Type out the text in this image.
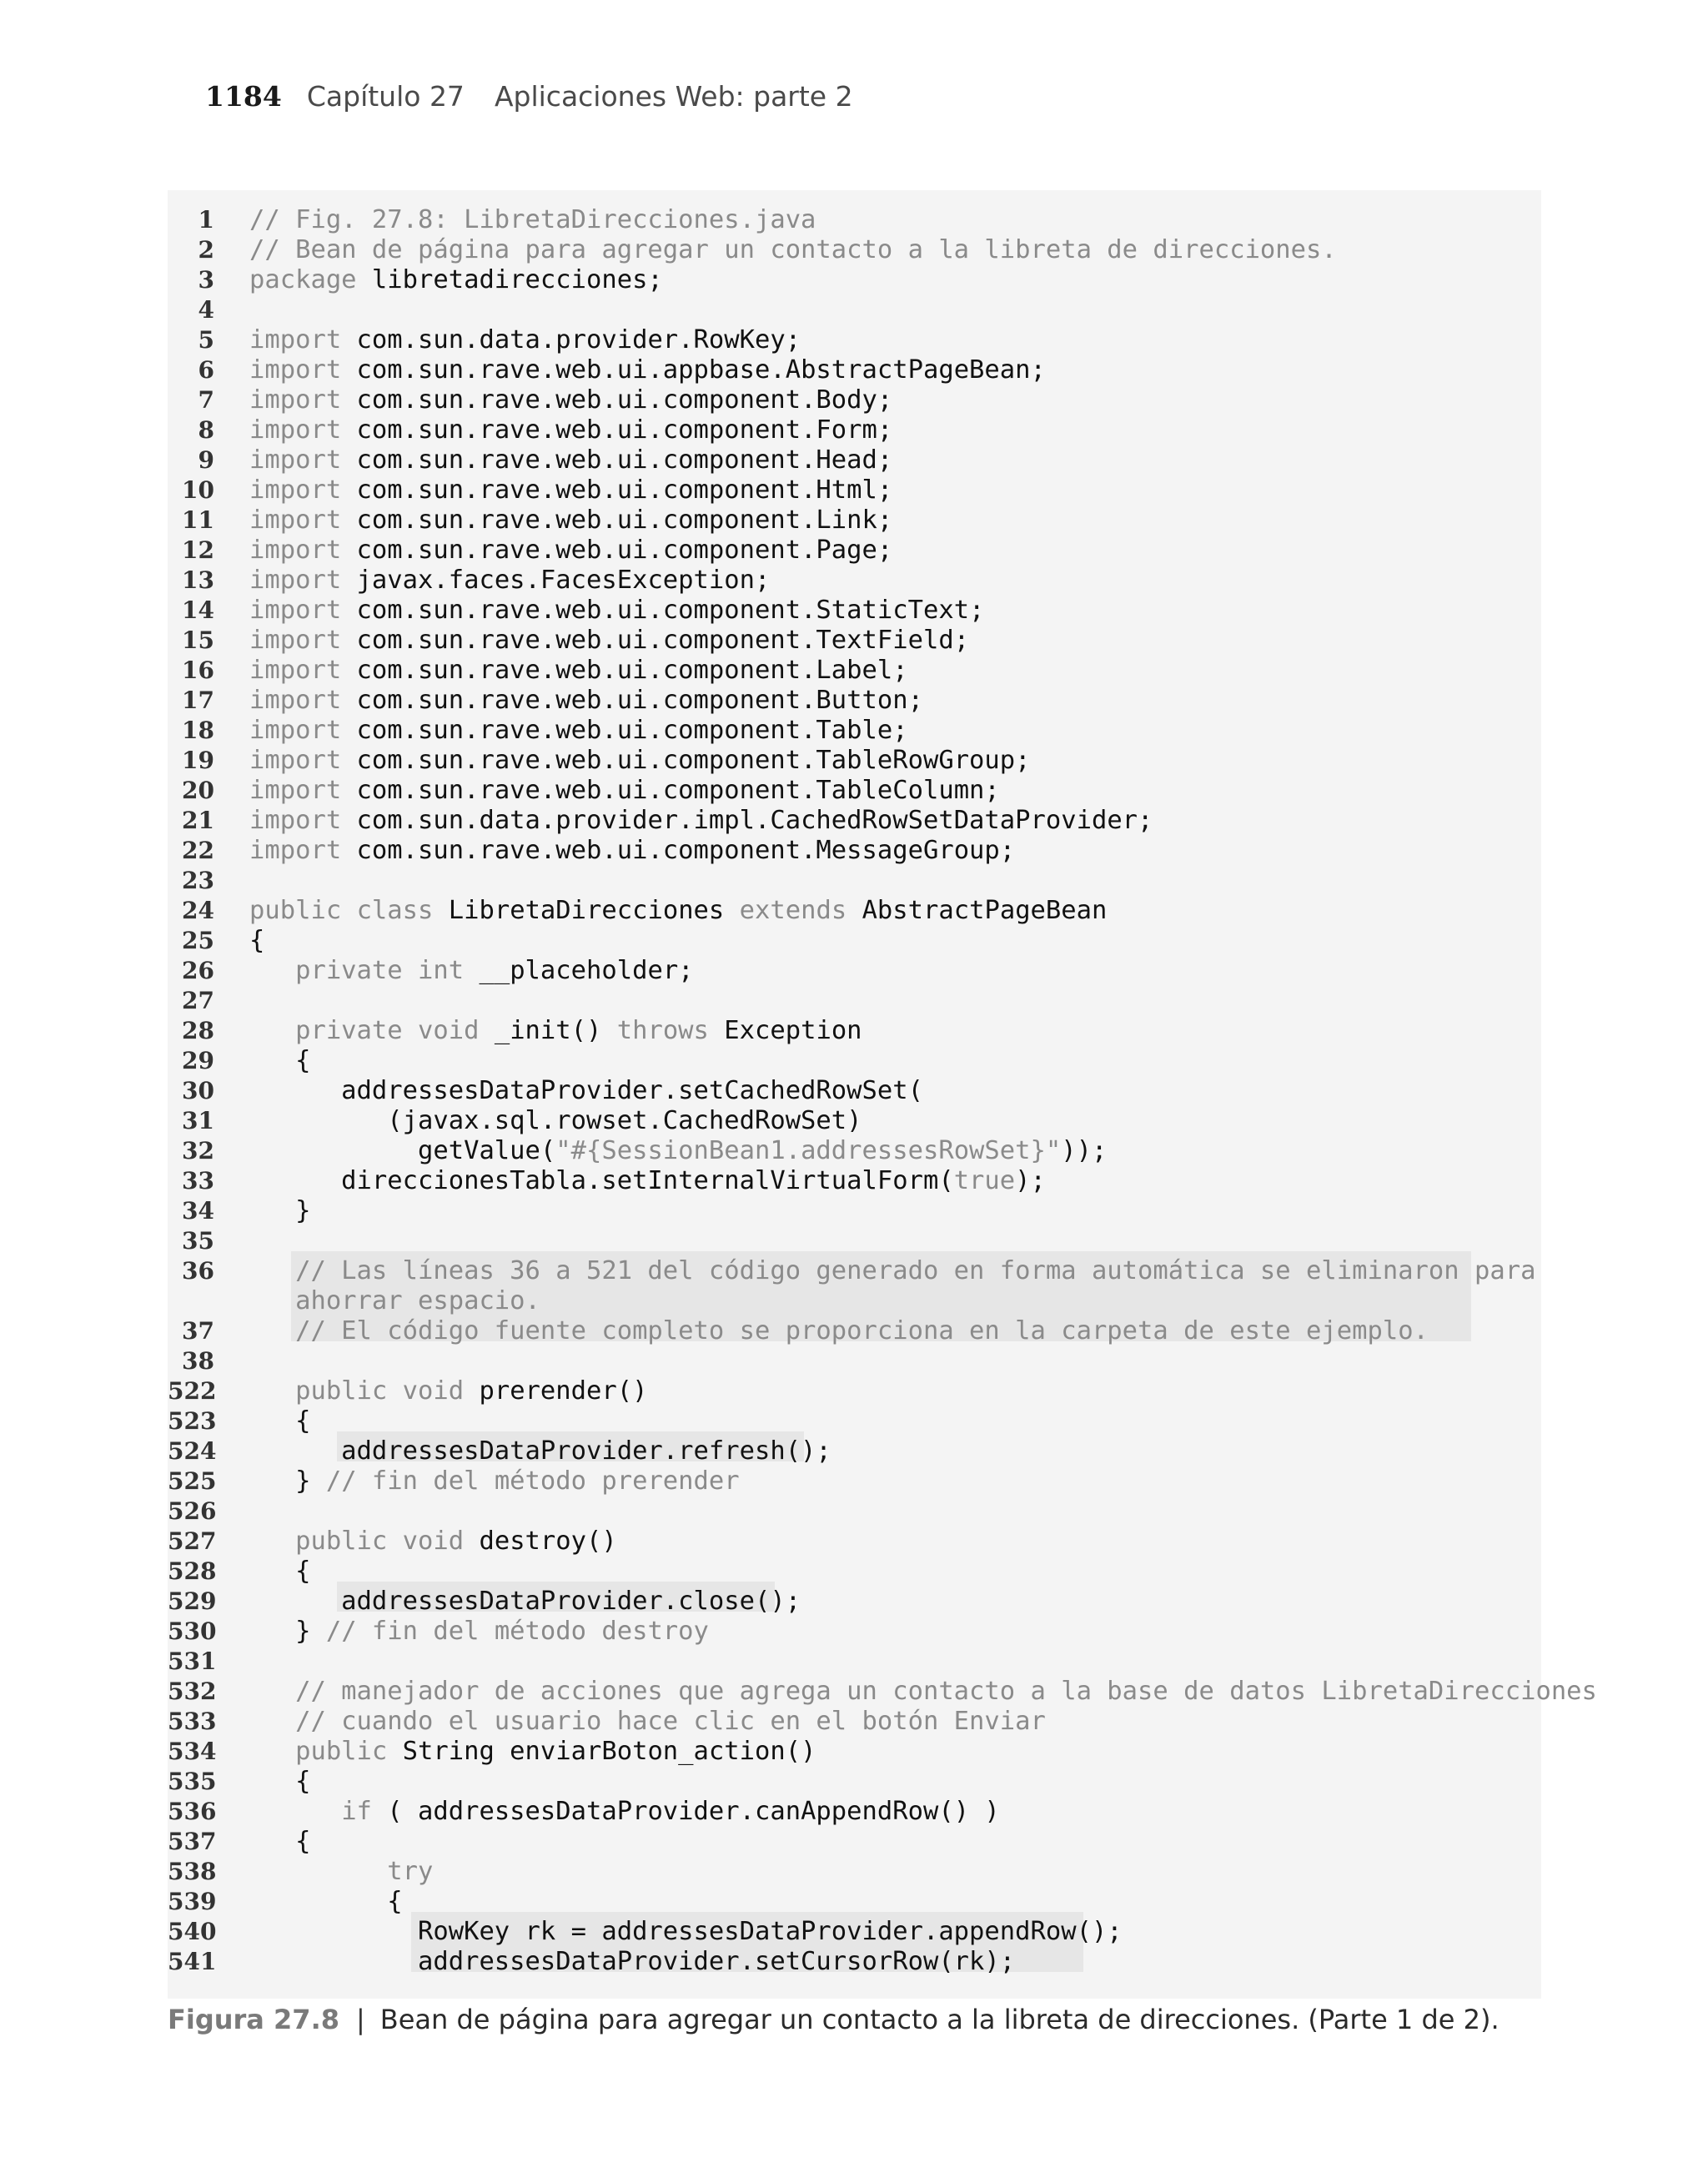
1184 Capítulo 27 Aplicaciones Web: parte 2
1 // Fig. 27.8: LibretaDirecciones.java
2 // Bean de página para agregar un contacto a la libreta de direcciones.
3 package libretadirecciones;
4
5 import com.sun.data.provider.RowKey;
6 import com.sun.rave.web.ui.appbase.AbstractPageBean;
7 import com.sun.rave.web.ui.component.Body;
8 import com.sun.rave.web.ui.component.Form;
9 import com.sun.rave.web.ui.component.Head;
10 import com.sun.rave.web.ui.component.Html;
11 import com.sun.rave.web.ui.component.Link;
12 import com.sun.rave.web.ui.component.Page;
13 import javax.faces.FacesException;
14 import com.sun.rave.web.ui.component.StaticText;
15 import com.sun.rave.web.ui.component.TextField;
16 import com.sun.rave.web.ui.component.Label;
17 import com.sun.rave.web.ui.component.Button;
18 import com.sun.rave.web.ui.component.Table;
19 import com.sun.rave.web.ui.component.TableRowGroup;
20 import com.sun.rave.web.ui.component.TableColumn;
21 import com.sun.data.provider.impl.CachedRowSetDataProvider;
22 import com.sun.rave.web.ui.component.MessageGroup;
23
24 public class LibretaDirecciones extends AbstractPageBean
25 {
26	private int __placeholder;
27
28	private void _init() throws Exception
29 {
30 addressesDataProvider.setCachedRowSet(
31 (javax.sql.rowset.CachedRowSet)
32 getValue("#{SessionBean1.addressesRowSet}"));
33 direccionesTabla.setInternalVirtualForm(true);
34 }
35
36	// Las líneas 36 a 521 del código generado en forma automática se eliminaron para
ahorrar espacio.
37	// El código fuente completo se proporciona en la carpeta de este ejemplo.
38
522	public void prerender()
523 {
524 addressesDataProvider.refresh();
525 } // fin del método prerender
526
527	public void destroy()
528 {
529 addressesDataProvider.close();
530 } // fin del método destroy
531
532	// manejador de acciones que agrega un contacto a la base de datos LibretaDirecciones
533	// cuando el usuario hace clic en el botón Enviar
534	public String enviarBoton_action()
535 {
536	if ( addressesDataProvider.canAppendRow() )
537 {
538	try
539 {
540 RowKey rk = addressesDataProvider.appendRow();
541 addressesDataProvider.setCursorRow(rk);
Figura 27.8 | Bean de página para agregar un contacto a la libreta de direcciones. (Parte 1 de 2).
